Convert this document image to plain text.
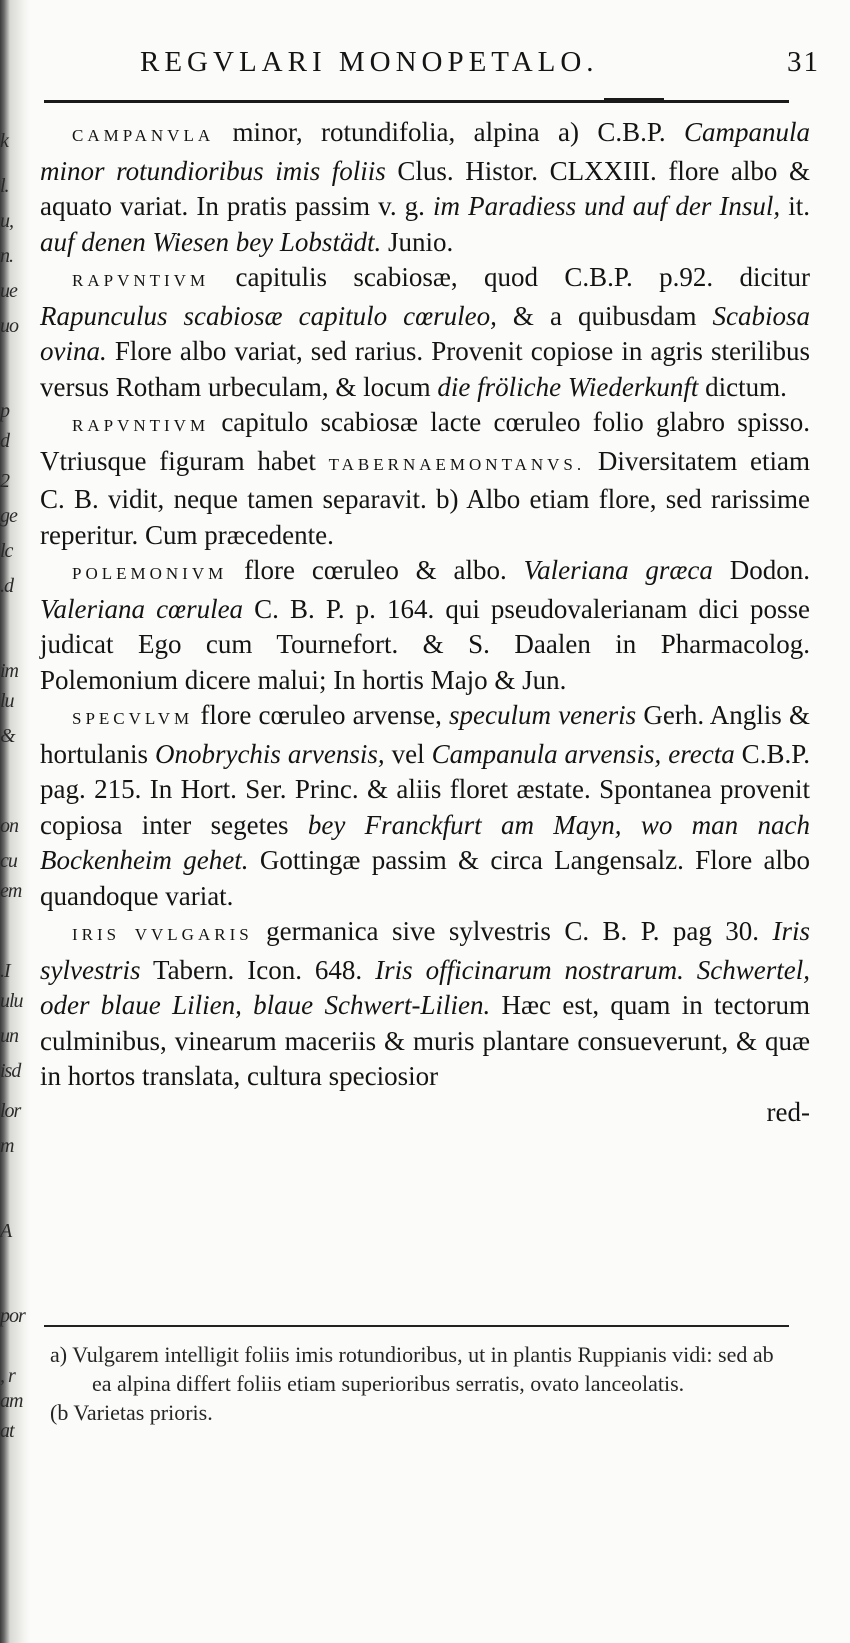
k
l.
u,
n.
ue
uo
p
d
2
ge
lc
.d
im
lu
&
on
cu
em
.I
ulu
un
isd
lor
m
A
por
, r
am
at
REGVLARI MONOPETALO.	31

CAMPANVLA minor, rotundifolia, alpina a) C.B.P. Campanula minor rotundioribus imis foliis Clus. Histor. CLXXIII. flore albo & aquato variat. In pratis passim v. g. im Paradiess und auf der Insul, it. auf denen Wiesen bey Lobstädt. Junio.

RAPVNTIVM capitulis scabiosæ, quod C.B.P. p.92. dicitur Rapunculus scabiosæ capitulo cœruleo, & a quibusdam Scabiosa ovina. Flore albo variat, sed rarius. Provenit copiose in agris sterilibus versus Rotham urbeculam, & locum die fröliche Wiederkunft dictum.

RAPVNTIVM capitulo scabiosæ lacte cœruleo folio glabro spisso. Vtriusque figuram habet TABERNAEMONTANVS. Diversitatem etiam C. B. vidit, neque tamen separavit. b) Albo etiam flore, sed rarissime reperitur. Cum præcedente.

POLEMONIVM flore cœruleo & albo. Valeriana græca Dodon. Valeriana cœrulea C. B. P. p. 164. qui pseudovalerianam dici posse judicat Ego cum Tournefort. & S. Daalen in Pharmacolog. Polemonium dicere malui; In hortis Majo & Jun.

SPECVLVM flore cœruleo arvense, speculum veneris Gerh. Anglis & hortulanis Onobrychis arvensis, vel Campanula arvensis, erecta C.B.P. pag. 215. In Hort. Ser. Princ. & aliis floret æstate. Spontanea provenit copiosa inter segetes bey Franckfurt am Mayn, wo man nach Bockenheim gehet. Gottingæ passim & circa Langensalz. Flore albo quandoque variat.

IRIS VVLGARIS germanica sive sylvestris C. B. P. pag 30. Iris sylvestris Tabern. Icon. 648. Iris officinarum nostrarum. Schwertel, oder blaue Lilien, blaue Schwert-Lilien. Hæc est, quam in tectorum culminibus, vinearum maceriis & muris plantare consueverunt, & quæ in hortos translata, cultura speciosior

red-

a) Vulgarem intelligit foliis imis rotundioribus, ut in plantis Ruppianis vidi: sed ab ea alpina differt foliis etiam superioribus serratis, ovato lanceolatis.

(b Varietas prioris.
